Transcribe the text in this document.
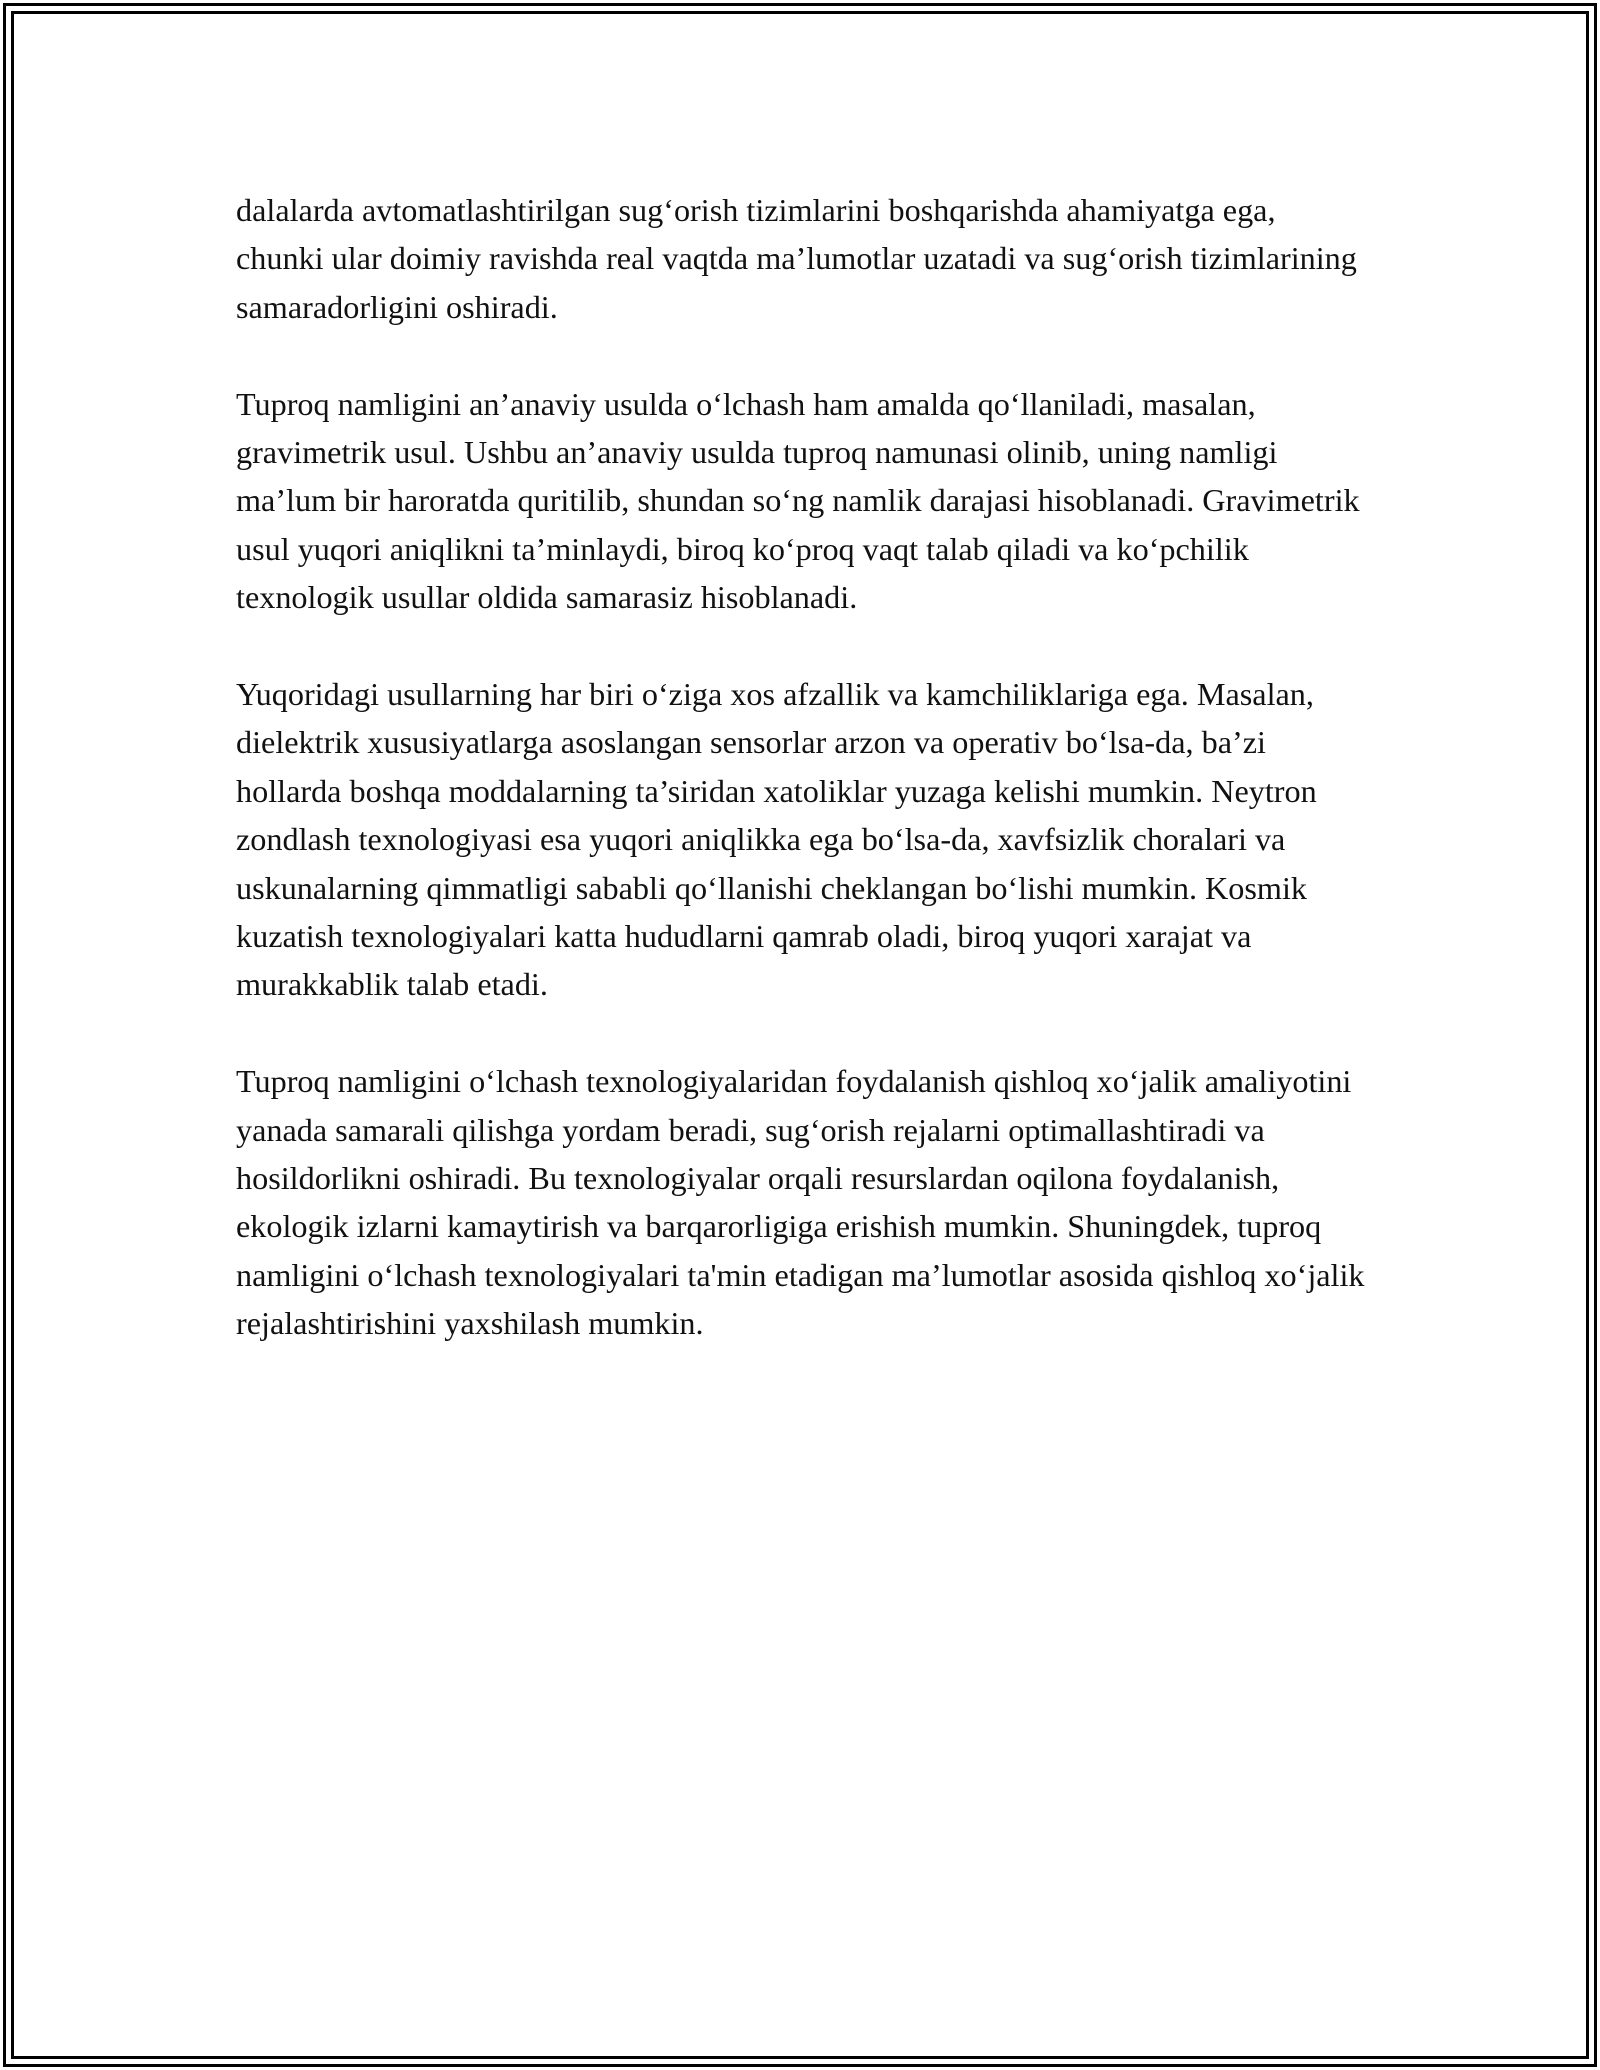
dalalarda avtomatlashtirilgan sug‘orish tizimlarini boshqarishda ahamiyatga ega, chunki ular doimiy ravishda real vaqtda ma’lumotlar uzatadi va sug‘orish tizimlarining samaradorligini oshiradi.

Tuproq namligini an’anaviy usulda o‘lchash ham amalda qo‘llaniladi, masalan, gravimetrik usul. Ushbu an’anaviy usulda tuproq namunasi olinib, uning namligi ma’lum bir haroratda quritilib, shundan so‘ng namlik darajasi hisoblanadi. Gravimetrik usul yuqori aniqlikni ta’minlaydi, biroq ko‘proq vaqt talab qiladi va ko‘pchilik texnologik usullar oldida samarasiz hisoblanadi.

Yuqoridagi usullarning har biri o‘ziga xos afzallik va kamchiliklariga ega. Masalan, dielektrik xususiyatlarga asoslangan sensorlar arzon va operativ bo‘lsa-da, ba’zi hollarda boshqa moddalarning ta’siridan xatoliklar yuzaga kelishi mumkin. Neytron zondlash texnologiyasi esa yuqori aniqlikka ega bo‘lsa-da, xavfsizlik choralari va uskunalarning qimmatligi sababli qo‘llanishi cheklangan bo‘lishi mumkin. Kosmik kuzatish texnologiyalari katta hududlarni qamrab oladi, biroq yuqori xarajat va murakkablik talab etadi.

Tuproq namligini o‘lchash texnologiyalaridan foydalanish qishloq xo‘jalik amaliyotini yanada samarali qilishga yordam beradi, sug‘orish rejalarni optimallashtiradi va hosildorlikni oshiradi. Bu texnologiyalar orqali resurslardan oqilona foydalanish, ekologik izlarni kamaytirish va barqarorligiga erishish mumkin. Shuningdek, tuproq namligini o‘lchash texnologiyalari ta'min etadigan ma’lumotlar asosida qishloq xo‘jalik rejalashtirishini yaxshilash mumkin.
